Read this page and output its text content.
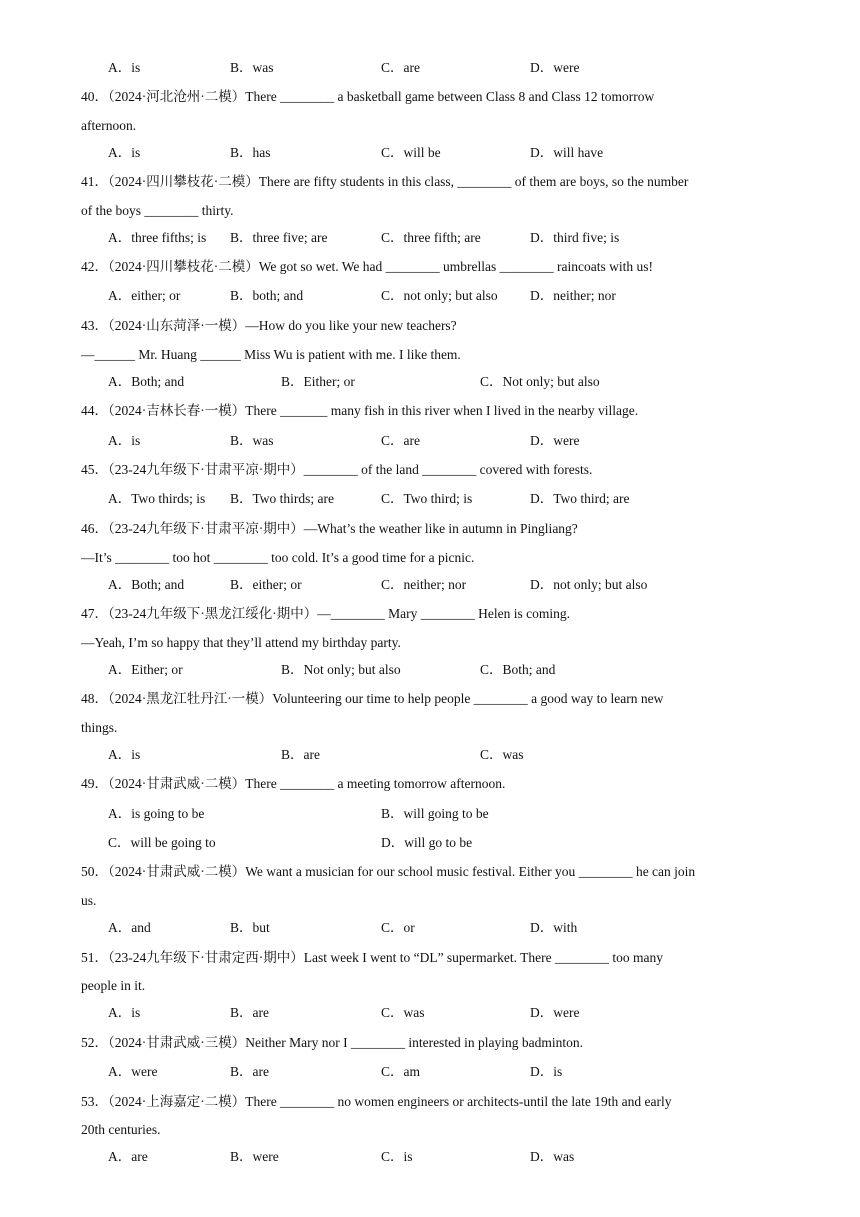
A．is	B．was	C．are	D．were
40．（2024·河北沧州·二模）There ________ a basketball game between Class 8 and Class 12 tomorrow
afternoon.
A．is	B．has	C．will be	D．will have
41．（2024·四川攀枝花·二模）There are fifty students in this class, ________ of them are boys, so the number
of the boys ________ thirty.
A．three fifths; is B．three five; are	C．three fifth; are	D．third five; is
42．（2024·四川攀枝花·二模）We got so wet. We had ________ umbrellas ________ raincoats with us!
A．either; or	B．both; and	C．not only; but also D．neither; nor
43．（2024·山东菏泽·一模）—How do you like your new teachers?
—______ Mr. Huang ______ Miss Wu is patient with me. I like them.
A．Both; and	B．Either; or	C．Not only; but also
44．（2024·吉林长春·一模）There _______ many fish in this river when I lived in the nearby village.
A．is	B．was	C．are	D．were
45．（23-24九年级下·甘肃平凉·期中）________ of the land ________ covered with forests.
A．Two thirds; is B．Two thirds; are	C．Two third; is	D．Two third; are
46．（23-24九年级下·甘肃平凉·期中）—What’s the weather like in autumn in Pingliang?
—It’s ________ too hot ________ too cold. It’s a good time for a picnic.
A．Both; and	B．either; or	C．neither; nor	D．not only; but also
47．（23-24九年级下·黑龙江绥化·期中）—________ Mary ________ Helen is coming.
—Yeah, I’m so happy that they’ll attend my birthday party.
A．Either; or	B．Not only; but also	C．Both; and
48．（2024·黑龙江牡丹江·一模）Volunteering our time to help people ________ a good way to learn new
things.
A．is	B．are	C．was
49．（2024·甘肃武威·二模）There ________ a meeting tomorrow afternoon.
A．is going to be	B．will going to be
C．will be going to	D．will go to be
50．（2024·甘肃武威·二模）We want a musician for our school music festival. Either you ________ he can join
us.
A．and	B．but	C．or	D．with
51．（23-24九年级下·甘肃定西·期中）Last week I went to “DL” supermarket. There ________ too many
people in it.
A．is	B．are	C．was	D．were
52．（2024·甘肃武威·三模）Neither Mary nor I ________ interested in playing badminton.
A．were	B．are	C．am	D．is
53．（2024·上海嘉定·二模）There ________ no women engineers or architects-until the late 19th and early
20th centuries.
A．are	B．were	C．is	D．was
